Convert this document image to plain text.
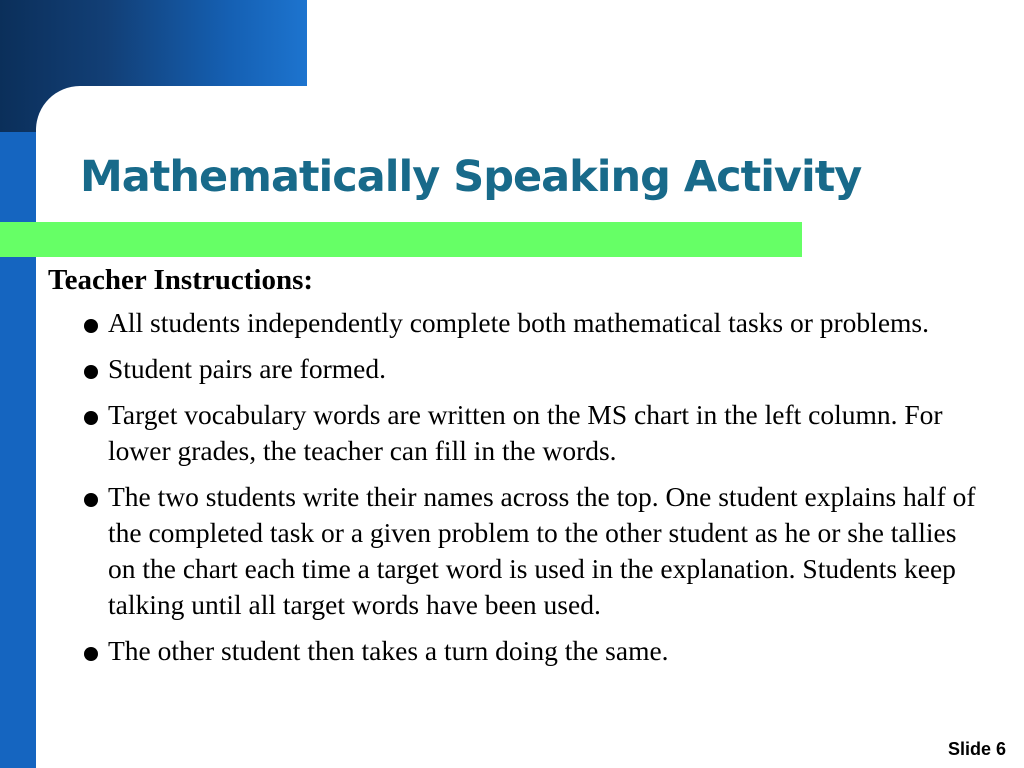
Mathematically Speaking Activity

Teacher Instructions:

All students independently complete both mathematical tasks or problems.
Student pairs are formed.
Target vocabulary words are written on the MS chart in the left column. For lower grades, the teacher can fill in the words.
The two students write their names across the top. One student explains half of the completed task or a given problem to the other student as he or she tallies on the chart each time a target word is used in the explanation. Students keep talking until all target words have been used.
The other student then takes a turn doing the same.
Slide 6
